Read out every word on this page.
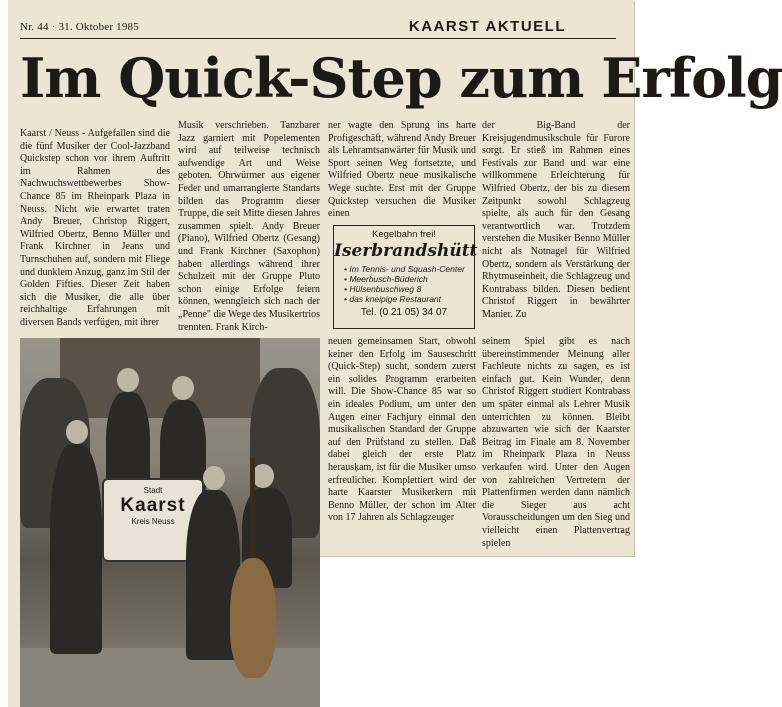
Nr. 44 · 31. Oktober 1985	KAARST AKTUELL
Im Quick-Step zum Erfolg
Kaarst / Neuss - Aufgefallen sind die die fünf Musiker der Cool-Jazzband Quickstep schon vor ihrem Auftritt im Rahmen des Nachwuchswettbewerbes Show-Chance 85 im Rheinpark Plaza in Neuss. Nicht wie erwartet traten Andy Breuer, Christop Riggert, Wilfried Obertz, Benno Müller und Frank Kirchner in Jeans und Turnschuhen auf, sondern mit Fliege und dunklem Anzug, ganz im Stil der Golden Fifties. Dieser Zeit haben sich die Musiker, die alle über reichhaltige Erfahrungen mit diversen Bands verfügen, mit ihrer
Musik verschrieben. Tanzbarer Jazz garniert mit Popelementen wird auf teilweise technisch aufwendige Art und Weise geboten. Ohrwürmer aus eigener Feder und umarrangierte Standarts bilden das Programm dieser Truppe, die seit Mitte diesen Jahres zusammen spielt. Andy Breuer (Piano), Wilfried Obertz (Gesang) und Frank Kirchner (Saxophon) haben allerdings während ihrer Schulzeit mit der Gruppe Pluto schon einige Erfolge feiern können, wenngleich sich nach der „Penne" die Wege des Musikertrios trennten. Frank Kirch-
ner wagte den Sprung ins harte Profigeschäft, während Andy Breuer als Lehramtsanwärter für Musik und Sport seinen Weg fortsetzte, und Wilfried Obertz neue musikalische Wege suchte. Erst mit der Gruppe Quickstep versuchen die Musiker einen
der Big-Band der Kreisjugendmusikschule für Furore sorgt. Er stieß im Rahmen eines Festivals zur Band und war eine willkommene Erleichterung für Wilfried Obertz, der bis zu diesem Zeitpunkt sowohl Schlagzeug spielte, als auch für den Gesang verantwortlich war. Trotzdem verstehen die Musiker Benno Müller nicht als Notnagel für Wilfried Obertz, sondern als Verstärkung der Rhytmuseinheit, die Schlagzeug und Kontrabass bilden. Diesen bedient Christof Riggert in bewährter Manier. Zu
Kegelbahn frei!
Iserbrandshütt
• Im Tennis- und Squash-Center
• Meerbusch-Büderich
• Hülsenbuschweg 8
• das kneipige Restaurant
Tel. (0 21 05) 34 07
neuen gemeinsamen Start, obwohl keiner den Erfolg im Sauseschritt (Quick-Step) sucht, sondern zuerst ein solides Programm erarbeiten will. Die Show-Chance 85 war so ein ideales Podium, um unter den Augen einer Fachjury einmal den musikalischen Standard der Gruppe auf den Prüfstand zu stellen. Daß dabei gleich der erste Platz herausķam, ist für die Musiker umso erfreulicher. Komplettiert wird der harte Kaarster Musikerkern mit Benno Müller, der schon im Alter von 17 Jahren als Schlagzeuger
seinem Spiel gibt es nach übereinstimmender Meinung aller Fachleute nichts zu sagen, es ist einfach gut. Kein Wunder, denn Christof Riggert studiert Kontrabass um später einmal als Lehrer Musik unterrichten zu können. Bleibt abzuwarten wie sich der Kaarster Beitrag im Finale am 8. November im Rheinpark Plaza in Neuss verkaufen wird. Unter den Augen von zahlreichen Vertretern der Plattenfirmen werden dann nämlich die Sieger aus acht Vorausscheidungen um den Sieg und vielleicht einen Plattenvertrag spielen
Stadt
Kaarst
Kreis Neuss
